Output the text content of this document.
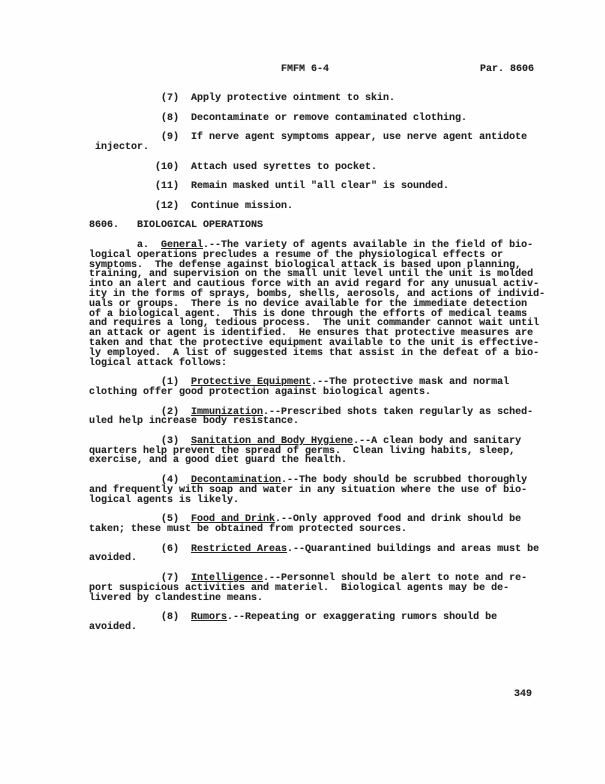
FMFM 6-4	Par. 8606
(7)  Apply protective ointment to skin.

(8)  Decontaminate or remove contaminated clothing.

(9)  If nerve agent symptoms appear, use nerve agent antidote
injector.

(10)  Attach used syrettes to pocket.

(11)  Remain masked until "all clear" is sounded.

(12)  Continue mission.

8606.   BIOLOGICAL OPERATIONS

a.  General.--The variety of agents available in the field of bio-
logical operations precludes a resume of the physiological effects or
symptoms.  The defense against biological attack is based upon planning,
training, and supervision on the small unit level until the unit is molded
into an alert and cautious force with an avid regard for any unusual activ-
ity in the forms of sprays, bombs, shells, aerosols, and actions of individ-
uals or groups.  There is no device available for the immediate detection
of a biological agent.  This is done through the efforts of medical teams
and requires a long, tedious process.  The unit commander cannot wait until
an attack or agent is identified.  He ensures that protective measures are
taken and that the protective equipment available to the unit is effective-
ly employed.  A list of suggested items that assist in the defeat of a bio-
logical attack follows:

(1)  Protective Equipment.--The protective mask and normal
clothing offer good protection against biological agents.

(2)  Immunization.--Prescribed shots taken regularly as sched-
uled help increase body resistance.

(3)  Sanitation and Body Hygiene.--A clean body and sanitary
quarters help prevent the spread of germs.  Clean living habits, sleep,
exercise, and a good diet guard the health.

(4)  Decontamination.--The body should be scrubbed thoroughly
and frequently with soap and water in any situation where the use of bio-
logical agents is likely.

(5)  Food and Drink.--Only approved food and drink should be
taken; these must be obtained from protected sources.

(6)  Restricted Areas.--Quarantined buildings and areas must be
avoided.

(7)  Intelligence.--Personnel should be alert to note and re-
port suspicious activities and materiel.  Biological agents may be de-
livered by clandestine means.

(8)  Rumors.--Repeating or exaggerating rumors should be
avoided.
349
